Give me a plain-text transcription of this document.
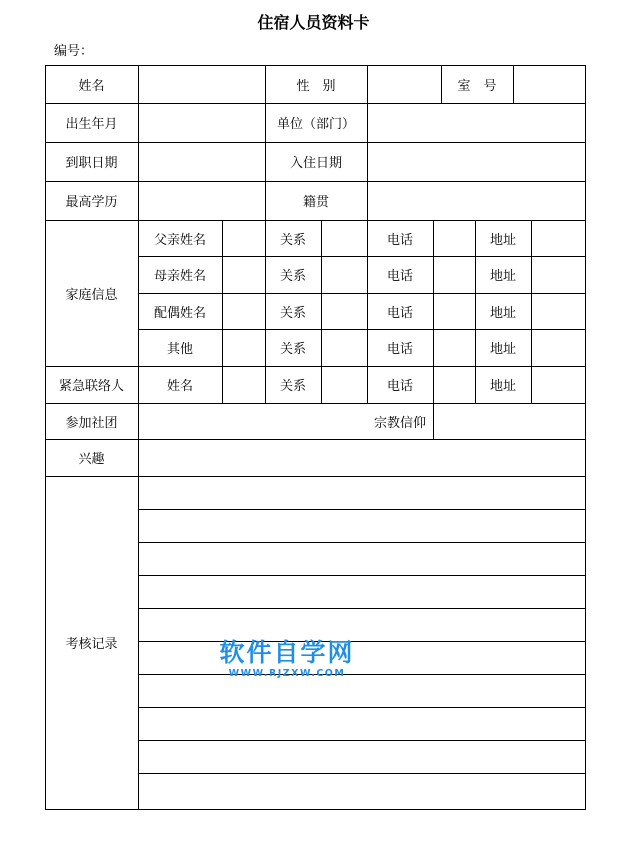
住宿人员资料卡
编号：
姓名	性　别	室　号
出生年月	单位（部门）
到职日期	入住日期
最高学历	籍贯
家庭信息
父亲姓名	关系	电话	地址
母亲姓名	关系	电话	地址
配偶姓名	关系	电话	地址
其他	关系	电话	地址
紧急联络人	姓名	关系	电话	地址
参加社团	宗教信仰
兴趣
考核记录	软件自学网
WWW.RJZXW.COM
